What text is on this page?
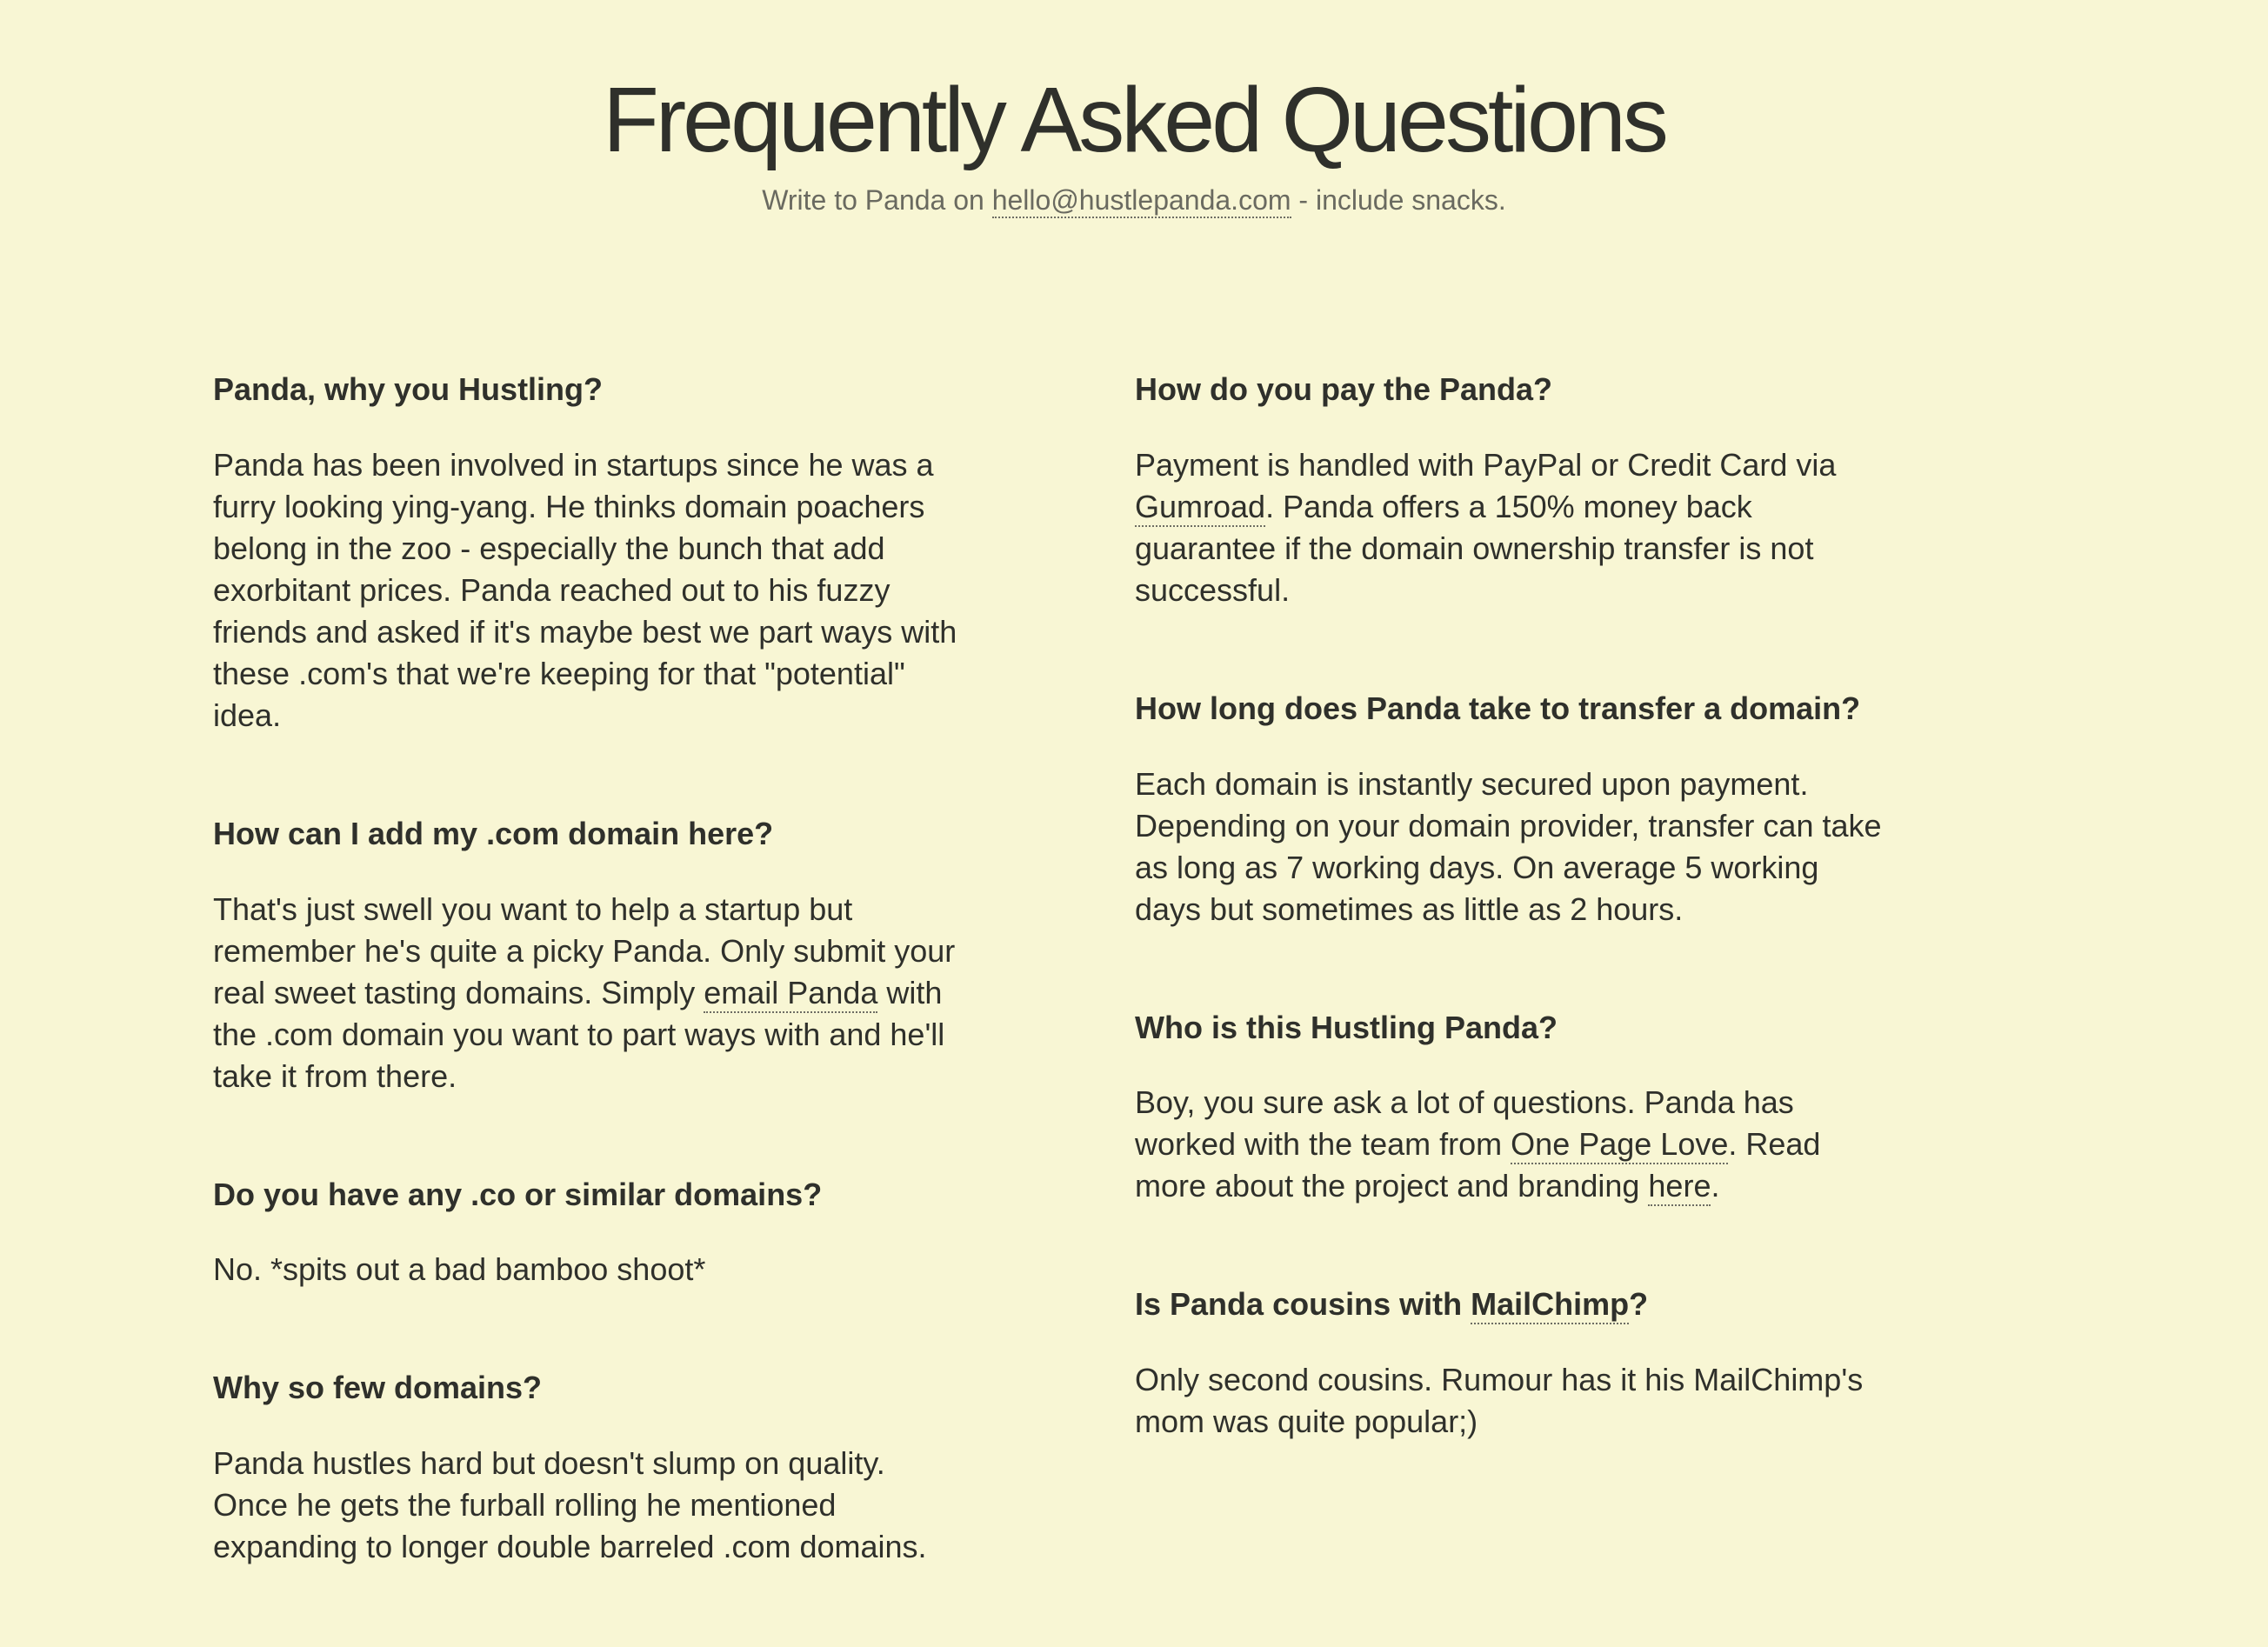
Frequently Asked Questions
Write to Panda on hello@hustlepanda.com - include snacks.
Panda, why you Hustling?

Panda has been involved in startups since he was a furry looking ying-yang. He thinks domain poachers belong in the zoo - especially the bunch that add exorbitant prices. Panda reached out to his fuzzy friends and asked if it's maybe best we part ways with these .com's that we're keeping for that "potential" idea.

How can I add my .com domain here?

That's just swell you want to help a startup but remember he's quite a picky Panda. Only submit your real sweet tasting domains. Simply email Panda with the .com domain you want to part ways with and he'll take it from there.

Do you have any .co or similar domains?

No. *spits out a bad bamboo shoot*

Why so few domains?

Panda hustles hard but doesn't slump on quality. Once he gets the furball rolling he mentioned expanding to longer double barreled .com domains.

How do you pay the Panda?

Payment is handled with PayPal or Credit Card via Gumroad. Panda offers a 150% money back guarantee if the domain ownership transfer is not successful.

How long does Panda take to transfer a domain?

Each domain is instantly secured upon payment. Depending on your domain provider, transfer can take as long as 7 working days. On average 5 working days but sometimes as little as 2 hours.

Who is this Hustling Panda?

Boy, you sure ask a lot of questions. Panda has worked with the team from One Page Love. Read more about the project and branding here.

Is Panda cousins with MailChimp?

Only second cousins. Rumour has it his MailChimp's mom was quite popular;)
